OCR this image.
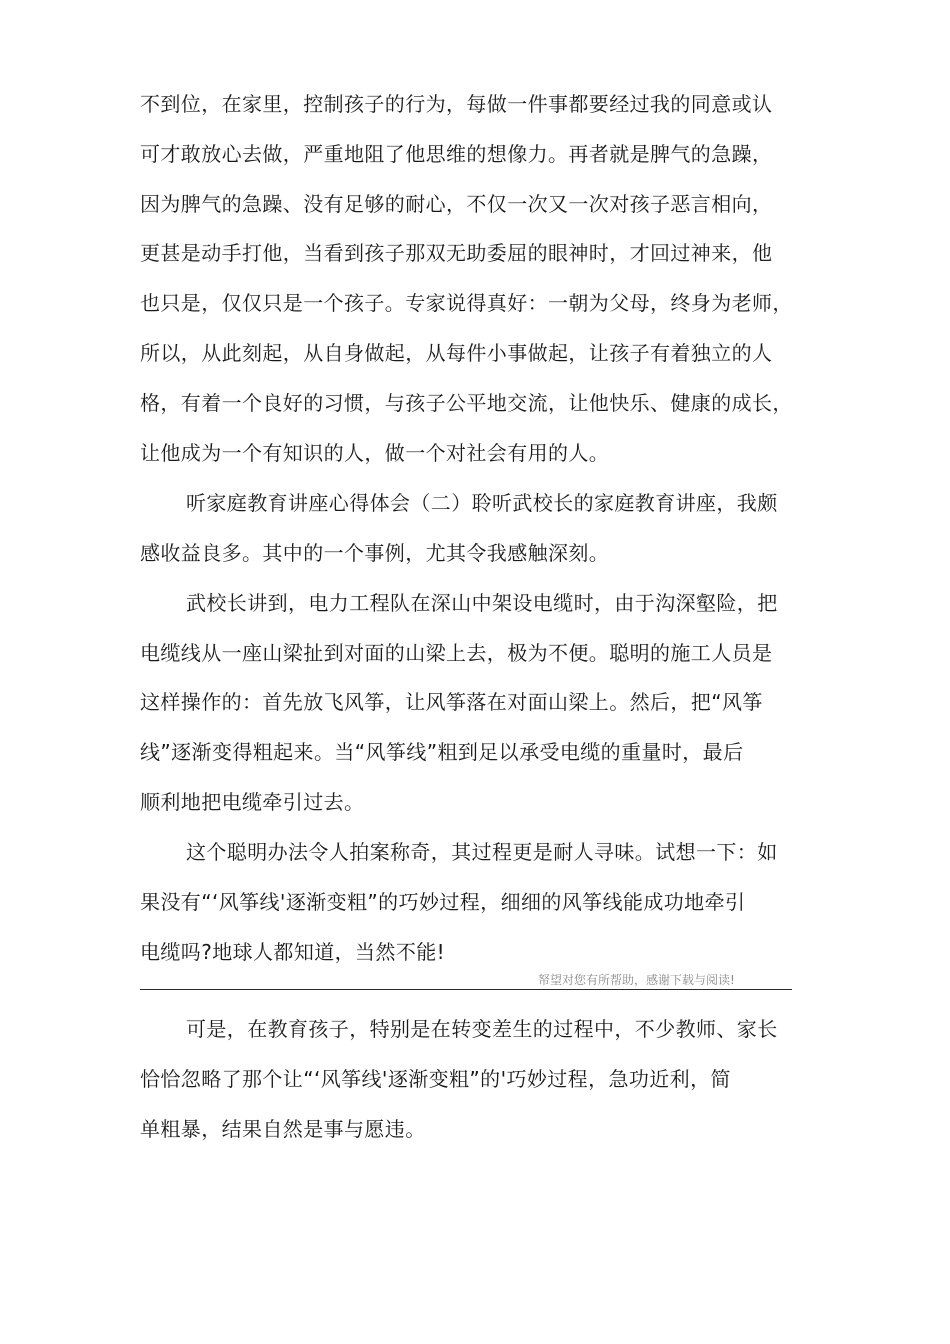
不到位，在家里，控制孩子的行为，每做一件事都要经过我的同意或认
可才敢放心去做，严重地阻了他思维的想像力。再者就是脾气的急躁，
因为脾气的急躁、没有足够的耐心，不仅一次又一次对孩子恶言相向，
更甚是动手打他，当看到孩子那双无助委屈的眼神时，才回过神来，他
也只是，仅仅只是一个孩子。专家说得真好：一朝为父母，终身为老师，
所以，从此刻起，从自身做起，从每件小事做起，让孩子有着独立的人
格，有着一个良好的习惯，与孩子公平地交流，让他快乐、健康的成长，
让他成为一个有知识的人，做一个对社会有用的人。
听家庭教育讲座心得体会（二）聆听武校长的家庭教育讲座，我颇
感收益良多。其中的一个事例，尤其令我感触深刻。
武校长讲到，电力工程队在深山中架设电缆时，由于沟深壑险，把
电缆线从一座山梁扯到对面的山梁上去，极为不便。聪明的施工人员是
这样操作的：首先放飞风筝，让风筝落在对面山梁上。然后，把“风筝
线”逐渐变得粗起来。当“风筝线”粗到足以承受电缆的重量时，最后
顺利地把电缆牵引过去。
这个聪明办法令人拍案称奇，其过程更是耐人寻味。试想一下：如
果没有“‘风筝线'逐渐变粗”的巧妙过程，细细的风筝线能成功地牵引
电缆吗?地球人都知道，当然不能!
帑望对您有所帮助，感谢下载与阅读!
可是，在教育孩子，特别是在转变差生的过程中，不少教师、家长
恰恰忽略了那个让“‘风筝线'逐渐变粗”的'巧妙过程，急功近利，简
单粗暴，结果自然是事与愿违。
